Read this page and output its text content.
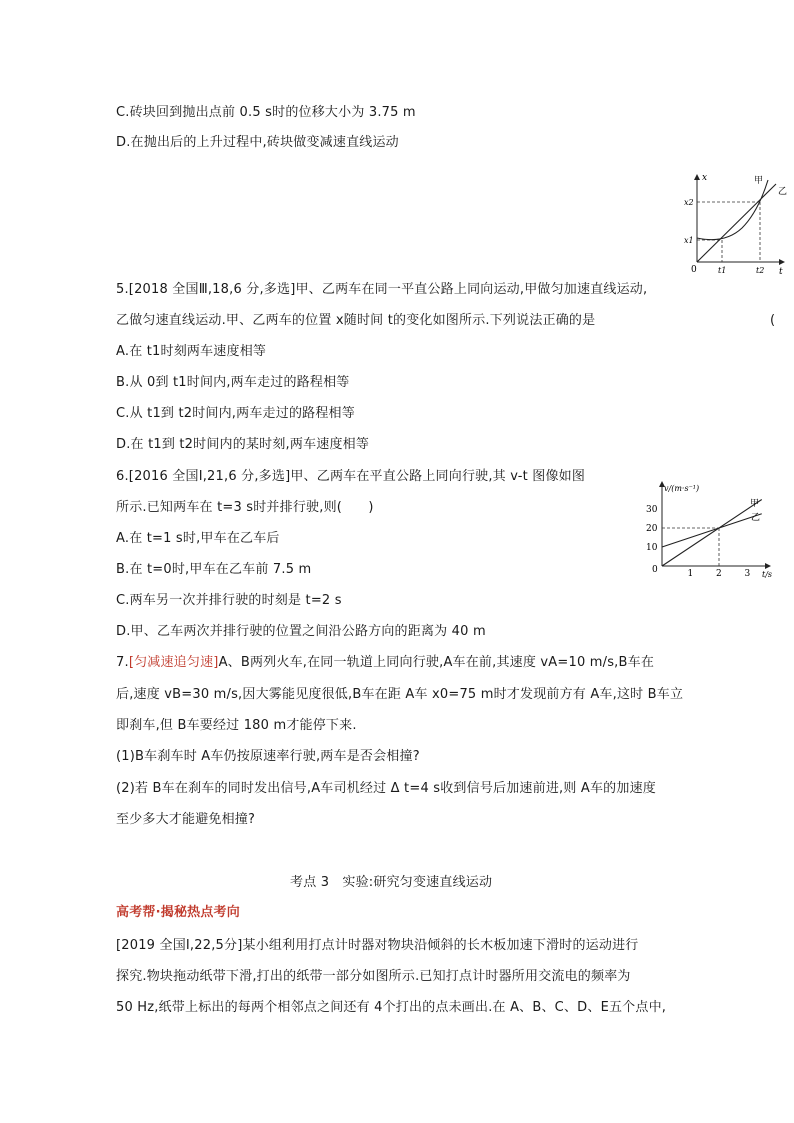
C.砖块回到抛出点前 0.5 s时的位移大小为 3.75 m
D.在抛出后的上升过程中,砖块做变减速直线运动
x
t
0
x2
x1
t1	t2
甲
乙
5.[2018 全国Ⅲ,18,6 分,多选]甲、乙两车在同一平直公路上同向运动,甲做匀加速直线运动,
乙做匀速直线运动.甲、乙两车的位置 x随时间 t的变化如图所示.下列说法正确的是	(
A.在 t1时刻两车速度相等
B.从 0到 t1时间内,两车走过的路程相等
C.从 t1到 t2时间内,两车走过的路程相等
D.在 t1到 t2时间内的某时刻,两车速度相等
6.[2016 全国Ⅰ,21,6 分,多选]甲、乙两车在平直公路上同向行驶,其 v-t 图像如图
所示.已知两车在 t=3 s时并排行驶,则(　　)
A.在 t=1 s时,甲车在乙车后
B.在 t=0时,甲车在乙车前 7.5 m
C.两车另一次并排行驶的时刻是 t=2 s
D.甲、乙车两次并排行驶的位置之间沿公路方向的距离为 40 m
v/(m·s⁻¹)
t/s
0
10
20
30
1	2	3
甲
乙
7.[匀减速追匀速]A、B两列火车,在同一轨道上同向行驶,A车在前,其速度 vA=10 m/s,B车在
后,速度 vB=30 m/s,因大雾能见度很低,B车在距 A车 x0=75 m时才发现前方有 A车,这时 B车立
即刹车,但 B车要经过 180 m才能停下来.
(1)B车刹车时 A车仍按原速率行驶,两车是否会相撞?
(2)若 B车在刹车的同时发出信号,A车司机经过 Δ t=4 s收到信号后加速前进,则 A车的加速度
至少多大才能避免相撞?
考点 3　实验:研究匀变速直线运动
高考帮·揭秘热点考向
[2019 全国Ⅰ,22,5分]某小组利用打点计时器对物块沿倾斜的长木板加速下滑时的运动进行
探究.物块拖动纸带下滑,打出的纸带一部分如图所示.已知打点计时器所用交流电的频率为
50 Hz,纸带上标出的每两个相邻点之间还有 4个打出的点未画出.在 A、B、C、D、E五个点中,
